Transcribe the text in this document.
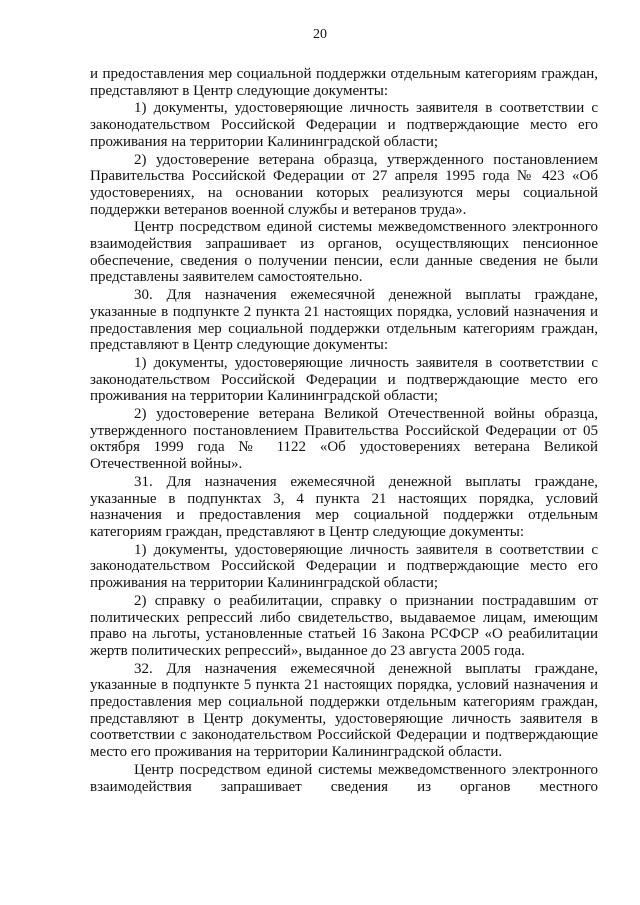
20

и предоставления мер социальной поддержки отдельным категориям граждан, представляют в Центр следующие документы:

1) документы, удостоверяющие личность заявителя в соответствии с законодательством Российской Федерации и подтверждающие место его проживания на территории Калининградской области;

2) удостоверение ветерана образца, утвержденного постановлением Правительства Российской Федерации от 27 апреля 1995 года № 423 «Об удостоверениях, на основании которых реализуются меры социальной поддержки ветеранов военной службы и ветеранов труда».

Центр посредством единой системы межведомственного электронного взаимодействия запрашивает из органов, осуществляющих пенсионное обеспечение, сведения о получении пенсии, если данные сведения не были представлены заявителем самостоятельно.

30. Для назначения ежемесячной денежной выплаты граждане, указанные в подпункте 2 пункта 21 настоящих порядка, условий назначения и предоставления мер социальной поддержки отдельным категориям граждан, представляют в Центр следующие документы:

1) документы, удостоверяющие личность заявителя в соответствии с законодательством Российской Федерации и подтверждающие место его проживания на территории Калининградской области;

2) удостоверение ветерана Великой Отечественной войны образца, утвержденного постановлением Правительства Российской Федерации от 05 октября 1999 года № 1122 «Об удостоверениях ветерана Великой Отечественной войны».

31. Для назначения ежемесячной денежной выплаты граждане, указанные в подпунктах 3, 4 пункта 21 настоящих порядка, условий назначения и предоставления мер социальной поддержки отдельным категориям граждан, представляют в Центр следующие документы:

1) документы, удостоверяющие личность заявителя в соответствии с законодательством Российской Федерации и подтверждающие место его проживания на территории Калининградской области;

2) справку о реабилитации, справку о признании пострадавшим от политических репрессий либо свидетельство, выдаваемое лицам, имеющим право на льготы, установленные статьей 16 Закона РСФСР «О реабилитации жертв политических репрессий», выданное до 23 августа 2005 года.

32. Для назначения ежемесячной денежной выплаты граждане, указанные в подпункте 5 пункта 21 настоящих порядка, условий назначения и предоставления мер социальной поддержки отдельным категориям граждан, представляют в Центр документы, удостоверяющие личность заявителя в соответствии с законодательством Российской Федерации и подтверждающие место его проживания на территории Калининградской области.

Центр посредством единой системы межведомственного электронного взаимодействия запрашивает сведения из органов местного
